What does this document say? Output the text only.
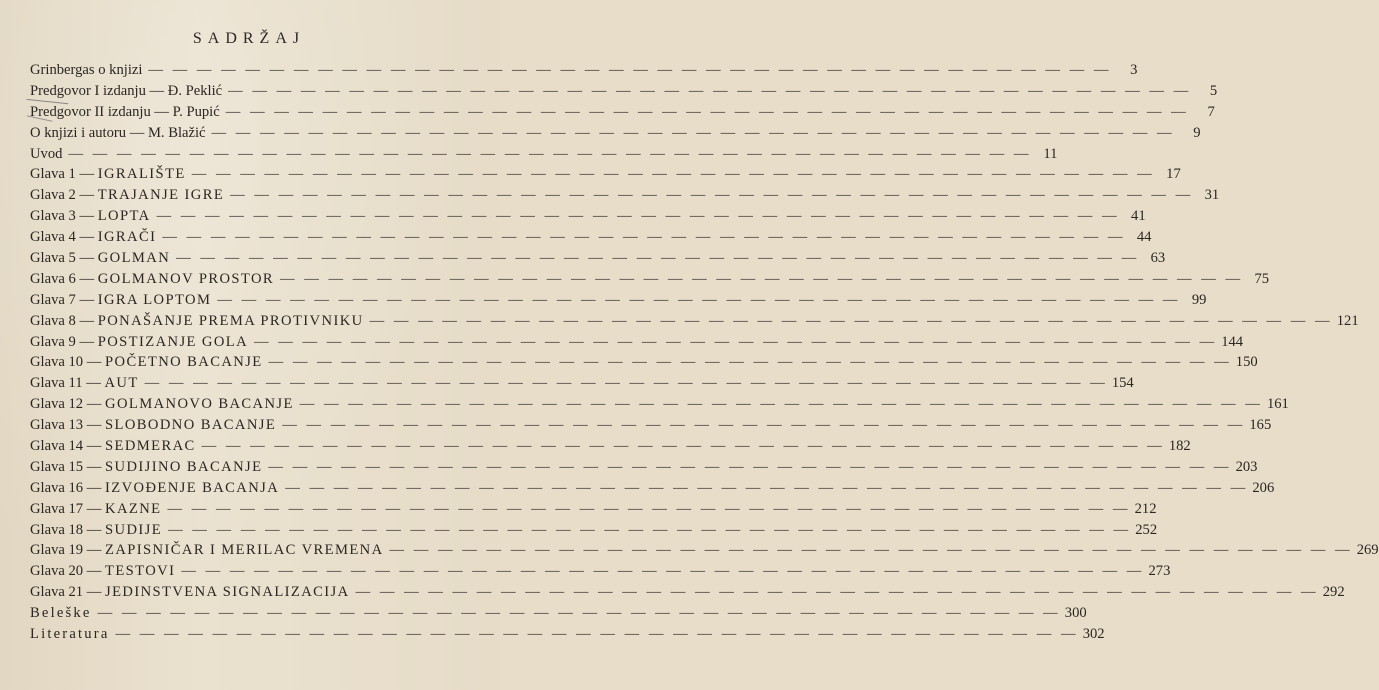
SADRŽAJ
Grinbergas o knjizi — — — — — — — — — — — — — — — — — — — — — — — — — — — — — — — — — — — — — — — —	3
Predgovor I izdanju — Đ. Peklić — — — — — — — — — — — — — — — — — — — — — — — — — — — — — — — — — — — — — — — —	5
Predgovor II izdanju — P. Pupić — — — — — — — — — — — — — — — — — — — — — — — — — — — — — — — — — — — — — — — —	7
O knjizi i autoru — M. Blažić — — — — — — — — — — — — — — — — — — — — — — — — — — — — — — — — — — — — — — — —	9
Uvod — — — — — — — — — — — — — — — — — — — — — — — — — — — — — — — — — — — — — — — — 11
Glava 1 — IGRALIŠTE — — — — — — — — — — — — — — — — — — — — — — — — — — — — — — — — — — — — — — — — 17
Glava 2 — TRAJANJE IGRE — — — — — — — — — — — — — — — — — — — — — — — — — — — — — — — — — — — — — — — — 31
Glava 3 — LOPTA — — — — — — — — — — — — — — — — — — — — — — — — — — — — — — — — — — — — — — — — 41
Glava 4 — IGRAČI — — — — — — — — — — — — — — — — — — — — — — — — — — — — — — — — — — — — — — — — 44
Glava 5 — GOLMAN — — — — — — — — — — — — — — — — — — — — — — — — — — — — — — — — — — — — — — — — 63
Glava 6 — GOLMANOV PROSTOR — — — — — — — — — — — — — — — — — — — — — — — — — — — — — — — — — — — — — — — — 75
Glava 7 — IGRA LOPTOM — — — — — — — — — — — — — — — — — — — — — — — — — — — — — — — — — — — — — — — — 99
Glava 8 — PONAŠANJE PREMA PROTIVNIKU — — — — — — — — — — — — — — — — — — — — — — — — — — — — — — — — — — — — — — — — 121
Glava 9 — POSTIZANJE GOLA — — — — — — — — — — — — — — — — — — — — — — — — — — — — — — — — — — — — — — — — 144
Glava 10 — POČETNO BACANJE — — — — — — — — — — — — — — — — — — — — — — — — — — — — — — — — — — — — — — — — 150
Glava 11 — AUT — — — — — — — — — — — — — — — — — — — — — — — — — — — — — — — — — — — — — — — — 154
Glava 12 — GOLMANOVO BACANJE — — — — — — — — — — — — — — — — — — — — — — — — — — — — — — — — — — — — — — — — 161
Glava 13 — SLOBODNO BACANJE — — — — — — — — — — — — — — — — — — — — — — — — — — — — — — — — — — — — — — — — 165
Glava 14 — SEDMERAC — — — — — — — — — — — — — — — — — — — — — — — — — — — — — — — — — — — — — — — — 182
Glava 15 — SUDIJINO BACANJE — — — — — — — — — — — — — — — — — — — — — — — — — — — — — — — — — — — — — — — — 203
Glava 16 — IZVOĐENJE BACANJA — — — — — — — — — — — — — — — — — — — — — — — — — — — — — — — — — — — — — — — — 206
Glava 17 — KAZNE — — — — — — — — — — — — — — — — — — — — — — — — — — — — — — — — — — — — — — — — 212
Glava 18 — SUDIJE — — — — — — — — — — — — — — — — — — — — — — — — — — — — — — — — — — — — — — — — 252
Glava 19 — ZAPISNIČAR I MERILAC VREMENA — — — — — — — — — — — — — — — — — — — — — — — — — — — — — — — — — — — — — — — — 269
Glava 20 — TESTOVI — — — — — — — — — — — — — — — — — — — — — — — — — — — — — — — — — — — — — — — — 273
Glava 21 — JEDINSTVENA SIGNALIZACIJA — — — — — — — — — — — — — — — — — — — — — — — — — — — — — — — — — — — — — — — — 292
Beleške — — — — — — — — — — — — — — — — — — — — — — — — — — — — — — — — — — — — — — — — 300
Literatura — — — — — — — — — — — — — — — — — — — — — — — — — — — — — — — — — — — — — — — — 302
